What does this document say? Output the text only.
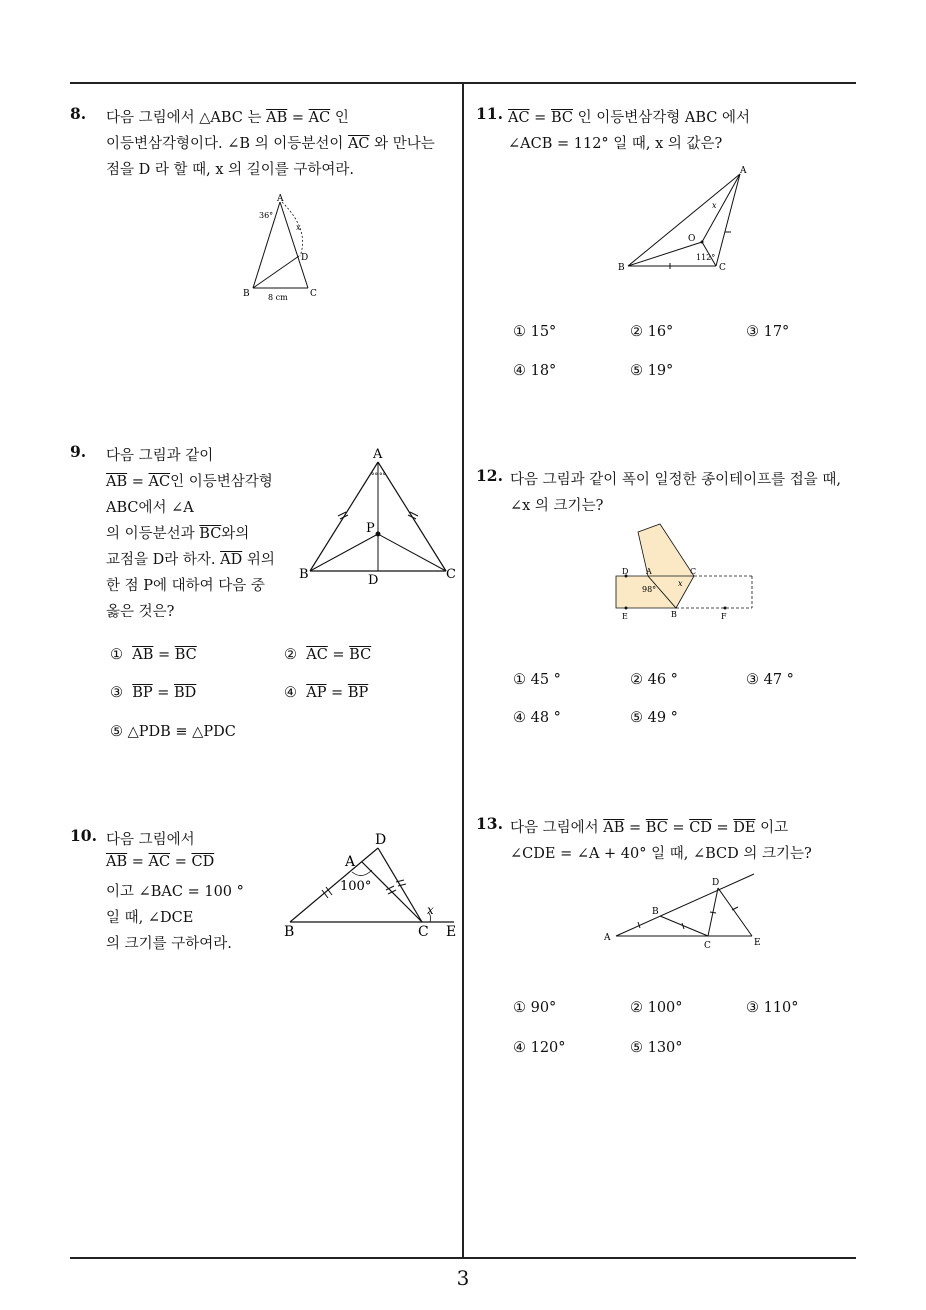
3
8. 다음 그림에서 △ABC 는 $\overline{AB} = \overline{AC}$ 인
이등변삼각형이다. ∠B 의 이등분선이 $\overline{AC}$ 와 만나는
점을 D 라 할 때, x 의 길이를 구하여라.
A
B	C
D
36°
x
8 cm
9. 다음 그림과 같이
$\overline{AB} = \overline{AC}$인 이등변삼각형
ABC에서 ∠A
의 이등분선과 $\overline{BC}$와의
교점을 D라 하자. $\overline{AD}$ 위의
한 점 P에 대하여 다음 중
옳은 것은?
°° °°
A
B	C
D
P
① $\overline{AB} = \overline{BC}$	② $\overline{AC} = \overline{BC}$
③ $\overline{BP} = \overline{BD}$	④ $\overline{AP} = \overline{BP}$
⑤ △PDB ≡ △PDC
10. 다음 그림에서
$\overline{AB} = \overline{AC} = \overline{CD}$
이고 ∠BAC = 100 °
일 때, ∠DCE
의 크기를 구하여라.
A
B	C
D
E
100°
x
11. $\overline{AC} = \overline{BC}$ 인 이등변삼각형 ABC 에서
∠ACB = 112° 일 때, x 의 값은?
A
B	C
O
112°
x
① 15°	② 16°	③ 17°
④ 18°	⑤ 19°
12. 다음 그림과 같이 폭이 일정한 종이테이프를 접을 때,
∠x 의 크기는?
D A	C
E	B	F
98°
x
① 45 °	② 46 °	③ 47 °
④ 48 °	⑤ 49 °
13. 다음 그림에서 $\overline{AB} = \overline{BC} = \overline{CD} = \overline{DE}$ 이고
∠CDE = ∠A + 40° 일 때, ∠BCD 의 크기는?
A
B
C
D
E
① 90°	② 100°	③ 110°
④ 120°	⑤ 130°
